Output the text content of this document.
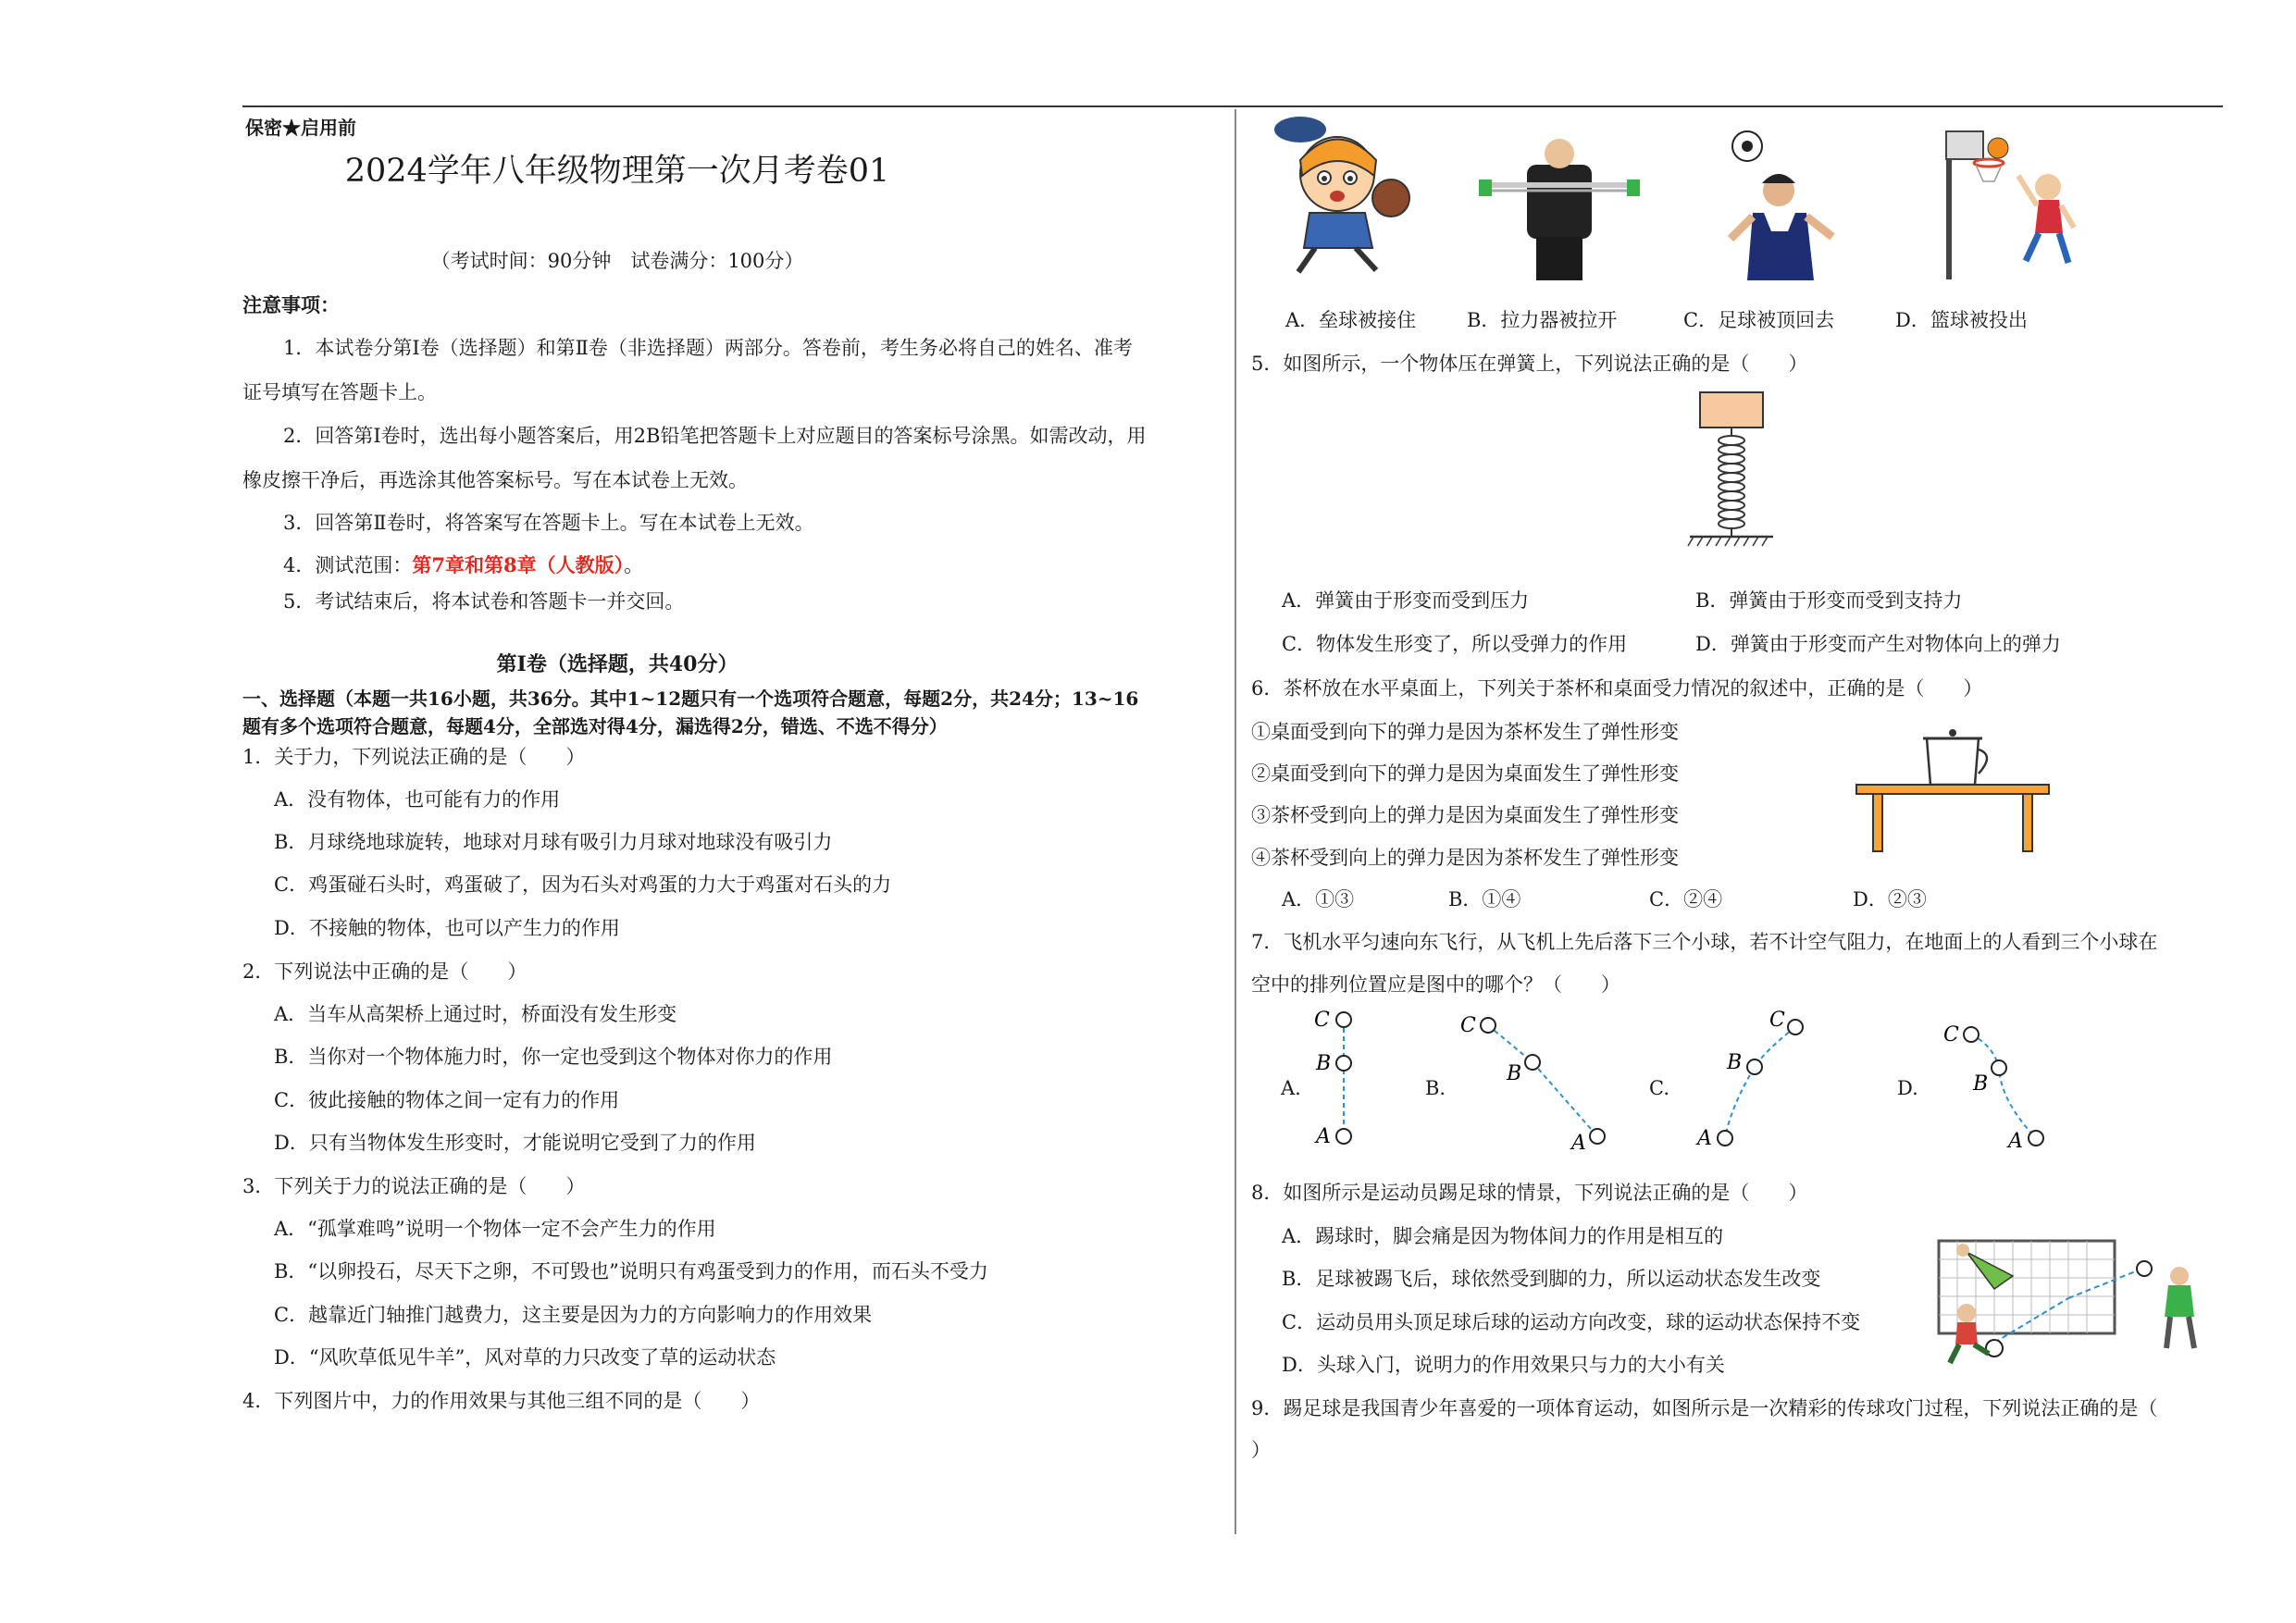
保密★启用前
2024学年八年级物理第一次月考卷01
（考试时间：90分钟　试卷满分：100分）
注意事项：
1．本试卷分第Ⅰ卷（选择题）和第Ⅱ卷（非选择题）两部分。答卷前，考生务必将自己的姓名、准考
证号填写在答题卡上。
2．回答第Ⅰ卷时，选出每小题答案后，用2B铅笔把答题卡上对应题目的答案标号涂黑。如需改动，用
橡皮擦干净后，再选涂其他答案标号。写在本试卷上无效。
3．回答第Ⅱ卷时，将答案写在答题卡上。写在本试卷上无效。
4．测试范围：第7章和第8章（人教版）。
5．考试结束后，将本试卷和答题卡一并交回。
第Ⅰ卷（选择题，共40分）
一、选择题（本题一共16小题，共36分。其中1~12题只有一个选项符合题意，每题2分，共24分；13~16
题有多个选项符合题意，每题4分，全部选对得4分，漏选得2分，错选、不选不得分）
1．关于力，下列说法正确的是（　　）
A．没有物体，也可能有力的作用
B．月球绕地球旋转，地球对月球有吸引力月球对地球没有吸引力
C．鸡蛋碰石头时，鸡蛋破了，因为石头对鸡蛋的力大于鸡蛋对石头的力
D．不接触的物体，也可以产生力的作用
2．下列说法中正确的是（　　）
A．当车从高架桥上通过时，桥面没有发生形变
B．当你对一个物体施力时，你一定也受到这个物体对你力的作用
C．彼此接触的物体之间一定有力的作用
D．只有当物体发生形变时，才能说明它受到了力的作用
3．下列关于力的说法正确的是（　　）
A．“孤掌难鸣”说明一个物体一定不会产生力的作用
B．“以卵投石，尽天下之卵，不可毁也”说明只有鸡蛋受到力的作用，而石头不受力
C．越靠近门轴推门越费力，这主要是因为力的方向影响力的作用效果
D．“风吹草低见牛羊”，风对草的力只改变了草的运动状态
4．下列图片中，力的作用效果与其他三组不同的是（　　）
A．垒球被接住	B．拉力器被拉开	C．足球被顶回去	D．篮球被投出
5．如图所示，一个物体压在弹簧上，下列说法正确的是（　　）
A．弹簧由于形变而受到压力	B．弹簧由于形变而受到支持力
C．物体发生形变了，所以受弹力的作用	D．弹簧由于形变而产生对物体向上的弹力
6．茶杯放在水平桌面上，下列关于茶杯和桌面受力情况的叙述中，正确的是（　　）
①桌面受到向下的弹力是因为茶杯发生了弹性形变
②桌面受到向下的弹力是因为桌面发生了弹性形变
③茶杯受到向上的弹力是因为桌面发生了弹性形变
④茶杯受到向上的弹力是因为茶杯发生了弹性形变
A．①③	B．①④	C．②④	D．②③
7．飞机水平匀速向东飞行，从飞机上先后落下三个小球，若不计空气阻力，在地面上的人看到三个小球在
空中的排列位置应是图中的哪个？（　　）
A.
C
B
A
B.
C
B
A
C.
C
B
A
D.
C
B
A
8．如图所示是运动员踢足球的情景，下列说法正确的是（　　）
A．踢球时，脚会痛是因为物体间力的作用是相互的
B．足球被踢飞后，球依然受到脚的力，所以运动状态发生改变
C．运动员用头顶足球后球的运动方向改变，球的运动状态保持不变
D．头球入门，说明力的作用效果只与力的大小有关
9．踢足球是我国青少年喜爱的一项体育运动，如图所示是一次精彩的传球攻门过程，下列说法正确的是（
）
